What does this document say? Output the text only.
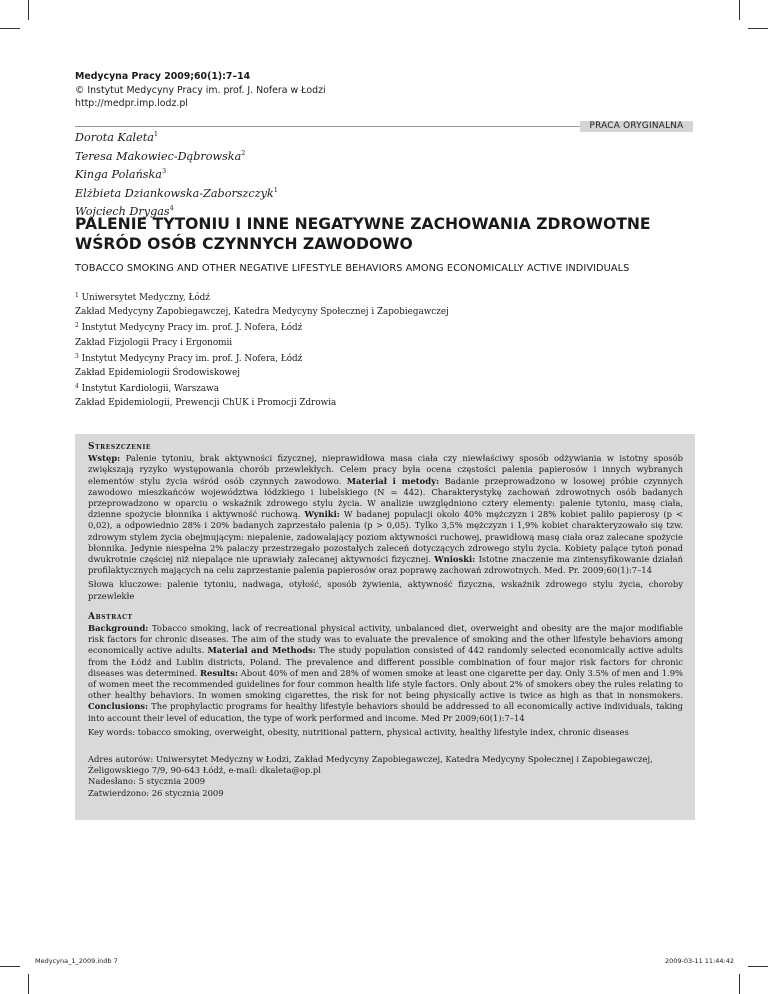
Medycyna Pracy 2009;60(1):7–14
© Instytut Medycyny Pracy im. prof. J. Nofera w Łodzi
http://medpr.imp.lodz.pl
PRACA ORYGINALNA
Dorota Kaleta$^1$
Teresa Makowiec-Dąbrowska$^2$
Kinga Polańska$^3$
Elżbieta Dziankowska-Zaborszczyk$^1$
Wojciech Drygas$^4$
PALENIE TYTONIU I INNE NEGATYWNE ZACHOWANIA ZDROWOTNE
WŚRÓD OSÓB CZYNNYCH ZAWODOWO
TOBACCO SMOKING AND OTHER NEGATIVE LIFESTYLE BEHAVIORS AMONG ECONOMICALLY ACTIVE INDIVIDUALS
$^1$ Uniwersytet Medyczny, Łódź
Zakład Medycyny Zapobiegawczej, Katedra Medycyny Społecznej i Zapobiegawczej
$^2$ Instytut Medycyny Pracy im. prof. J. Nofera, Łódź
Zakład Fizjologii Pracy i Ergonomii
$^3$ Instytut Medycyny Pracy im. prof. J. Nofera, Łódź
Zakład Epidemiologii Środowiskowej
$^4$ Instytut Kardiologii, Warszawa
Zakład Epidemiologii, Prewencji ChUK i Promocji Zdrowia
Streszczenie

Wstęp: Palenie tytoniu, brak aktywności fizycznej, nieprawidłowa masa ciała czy niewłaściwy sposób odżywiania w istotny sposób zwiększają ryzyko występowania chorób przewlekłych. Celem pracy była ocena częstości palenia papierosów i innych wybranych elementów stylu życia wśród osób czynnych zawodowo. Materiał i metody: Badanie przeprowadzono w losowej próbie czynnych zawodowo mieszkańców województwa łódzkiego i lubelskiego (N = 442). Charakterystykę zachowań zdrowotnych osób badanych przeprowadzono w oparciu o wskaźnik zdrowego stylu życia. W analizie uwzględniono cztery elementy: palenie tytoniu, masę ciała, dzienne spożycie błonnika i aktywność ruchową. Wyniki: W badanej populacji około 40% mężczyzn i 28% kobiet paliło papierosy (p < 0,02), a odpowiednio 28% i 20% badanych zaprzestało palenia (p > 0,05). Tylko 3,5% mężczyzn i 1,9% kobiet charakteryzowało się tzw. zdrowym stylem życia obejmującym: niepalenie, zadowalający poziom aktywności ruchowej, prawidłową masę ciała oraz zalecane spożycie błonnika. Jedynie niespełna 2% palaczy przestrzegało pozostałych zaleceń dotyczących zdrowego stylu życia. Kobiety palące tytoń ponad dwukrotnie częściej niż niepalące nie uprawiały zalecanej aktywności fizycznej. Wnioski: Istotne znaczenie ma zintensyfikowanie działań profilaktycznych mających na celu zaprzestanie palenia papierosów oraz poprawę zachowań zdrowotnych. Med. Pr. 2009;60(1):7–14

Słowa kluczowe: palenie tytoniu, nadwaga, otyłość, sposób żywienia, aktywność fizyczna, wskaźnik zdrowego stylu życia, choroby przewlekłe

Abstract

Background: Tobacco smoking, lack of recreational physical activity, unbalanced diet, overweight and obesity are the major modifiable risk factors for chronic diseases. The aim of the study was to evaluate the prevalence of smoking and the other lifestyle behaviors among economically active adults. Material and Methods: The study population consisted of 442 randomly selected economically active adults from the Łódź and Lublin districts, Poland. The prevalence and different possible combination of four major risk factors for chronic diseases was determined. Results: About 40% of men and 28% of women smoke at least one cigarette per day. Only 3.5% of men and 1.9% of women meet the recommended guidelines for four common health life style factors. Only about 2% of smokers obey the rules relating to other healthy behaviors. In women smoking cigarettes, the risk for not being physically active is twice as high as that in nonsmokers. Conclusions: The prophylactic programs for healthy lifestyle behaviors should be addressed to all economically active individuals, taking into account their level of education, the type of work performed and income. Med Pr 2009;60(1):7–14

Key words: tobacco smoking, overweight, obesity, nutritional pattern, physical activity, healthy lifestyle index, chronic diseases

Adres autorów: Uniwersytet Medyczny w Łodzi, Zakład Medycyny Zapobiegawczej, Katedra Medycyny Społecznej i Zapobiegawczej,
Żeligowskiego 7/9, 90-643 Łódź, e-mail: dkaleta@op.pl
Nadesłano: 5 stycznia 2009
Zatwierdzono: 26 stycznia 2009
Medycyna_1_2009.indb 7	2009-03-11 11:44:42
